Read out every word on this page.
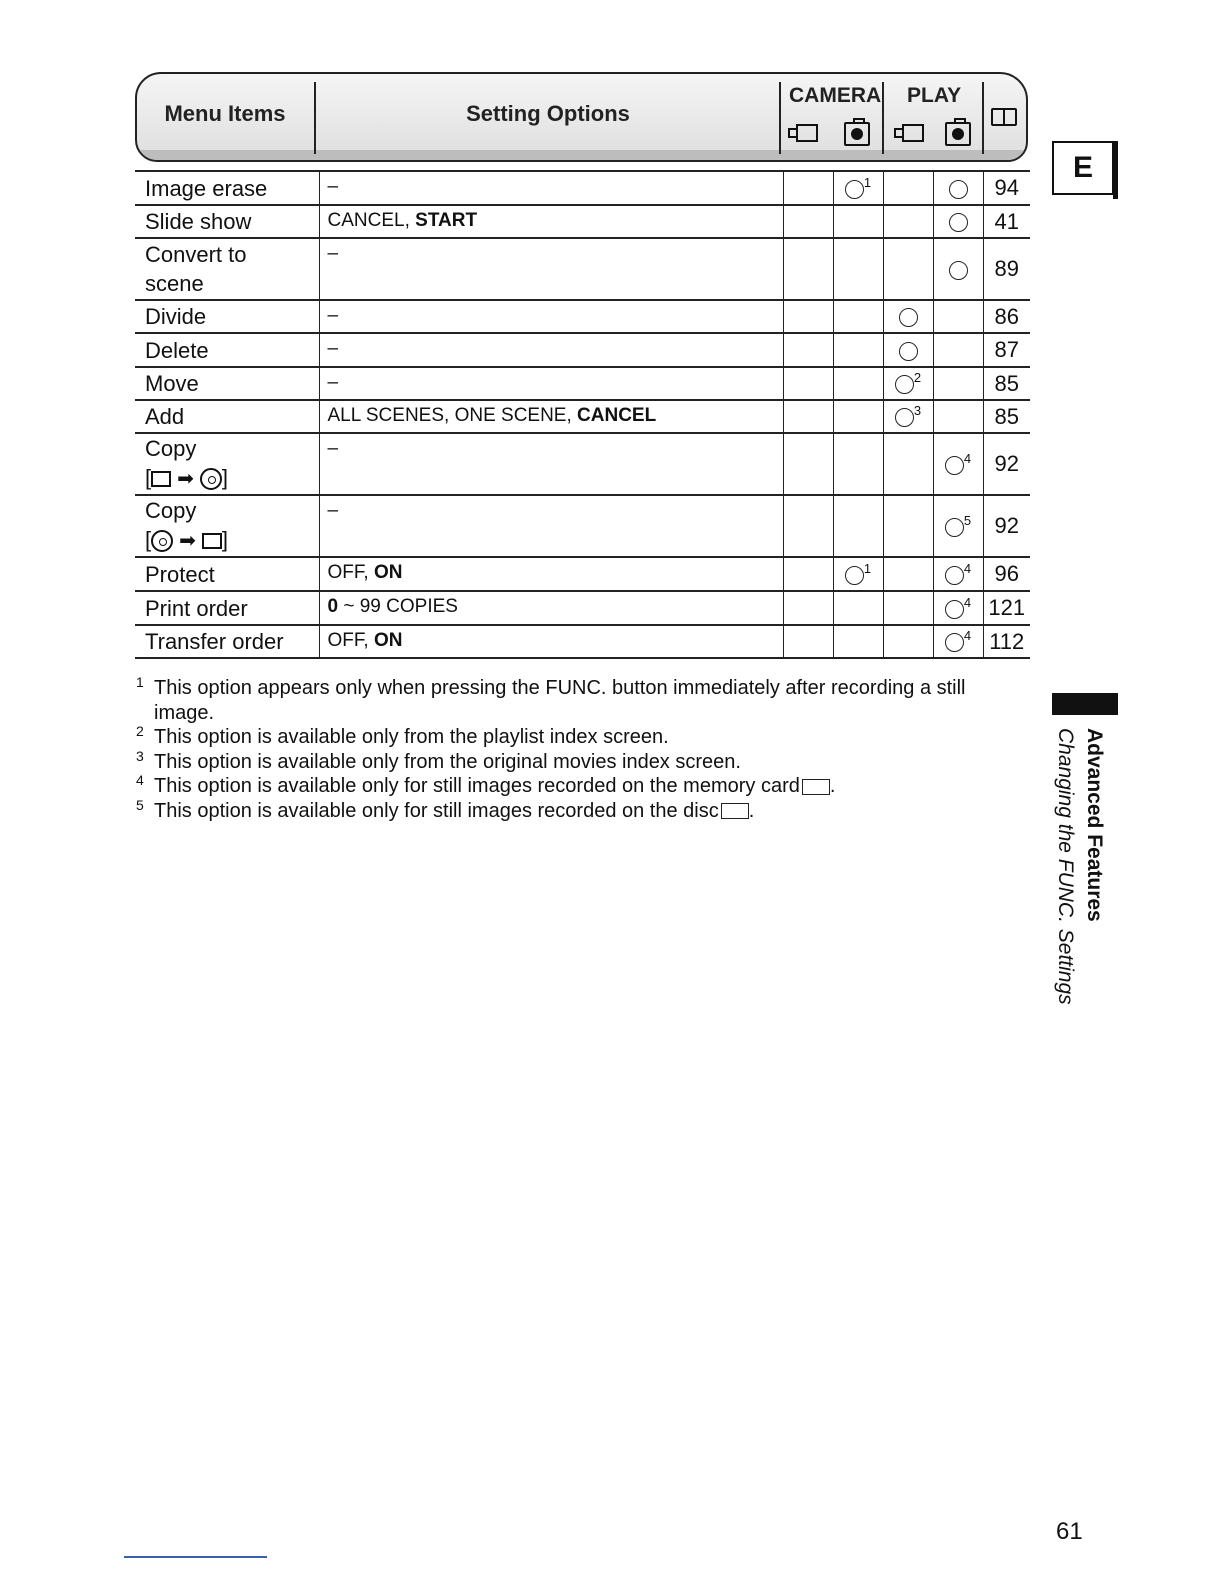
Menu Items	Setting Options
CAMERA PLAY
Image erase	–		$^1$			94
Slide show	CANCEL, START					41

Convert to
scene	–					89
Divide	–					86
Delete	–					87
Move	–			$^2$		85
Add	ALL SCENES, ONE SCENE, CANCEL			$^3$		85

Copy
[ ➡ ]	–				$^4$	92

Copy
[ ➡ ]	–				$^5$	92
Protect	OFF, ON		$^1$		$^4$	96
Print order	0 ~ 99 COPIES				$^4$	121
Transfer order	OFF, ON				$^4$	112
1 This option appears only when pressing the FUNC. button immediately after recording a still
image.
2 This option is available only from the playlist index screen.
3 This option is available only from the original movies index screen.
4 This option is available only for still images recorded on the memory card .
5 This option is available only for still images recorded on the disc .
E
Advanced Features
Changing the FUNC. Settings
61
